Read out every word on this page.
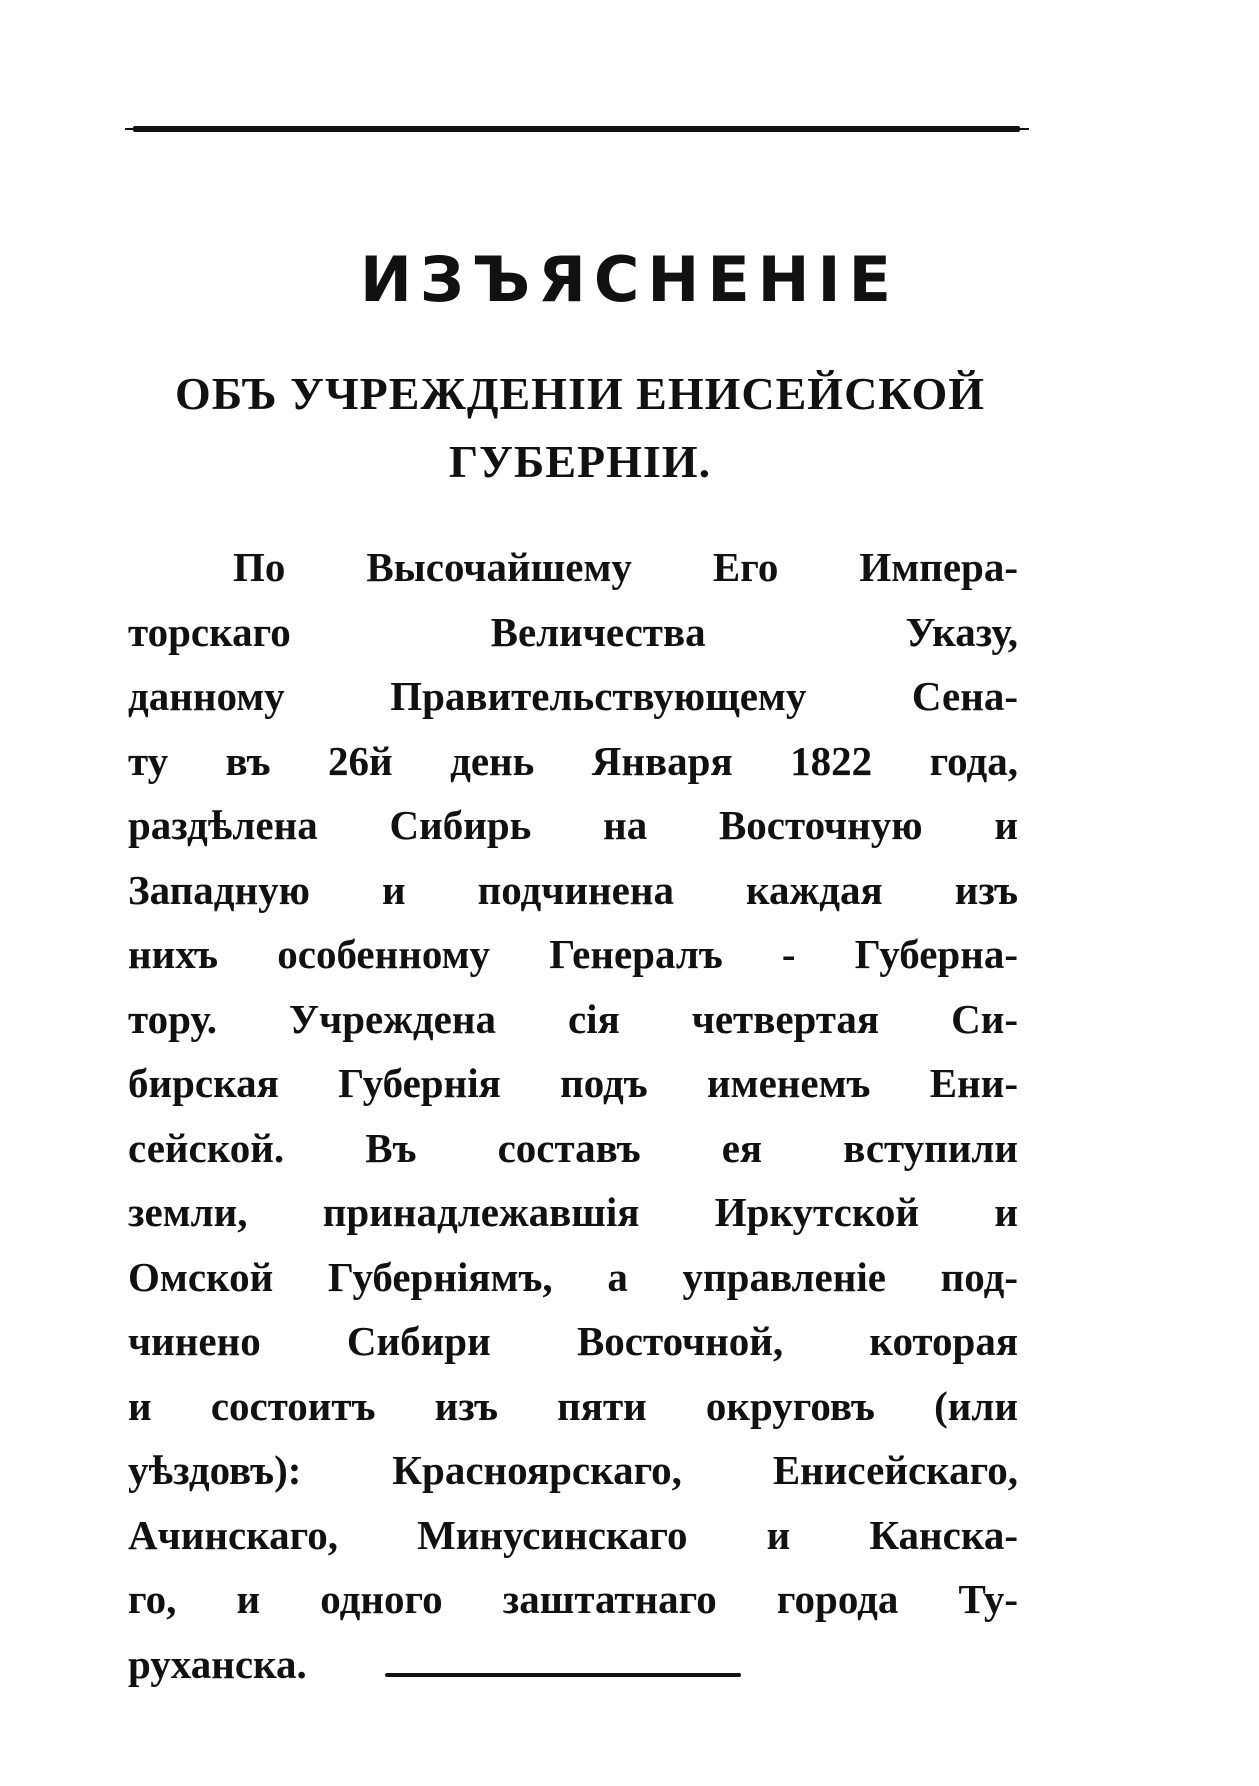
ИЗЪЯСНЕНІЕ
ОБЪ УЧРЕЖДЕНІИ ЕНИСЕЙСКОЙ
ГУБЕРНІИ.
По Высочайшему Его Импера-
торскаго Величества Указу,
данному Правительствующему Сена-
ту въ 26й день Января 1822 года,
раздѣлена Сибирь на Восточную и
Западную и подчинена каждая изъ
нихъ особенному Генералъ - Губерна-
тору. Учреждена сія четвертая Си-
бирская Губернія подъ именемъ Ени-
сейской. Въ составъ ея вступили
земли, принадлежавшія Иркутской и
Омской Губерніямъ, а управленіе под-
чинено Сибири Восточной, которая
и состоитъ изъ пяти округовъ (или
уѣздовъ): Красноярскаго, Енисейскаго,
Ачинскаго, Минусинскаго и Канска-
го, и одного заштатнаго города Ту-
руханска.
